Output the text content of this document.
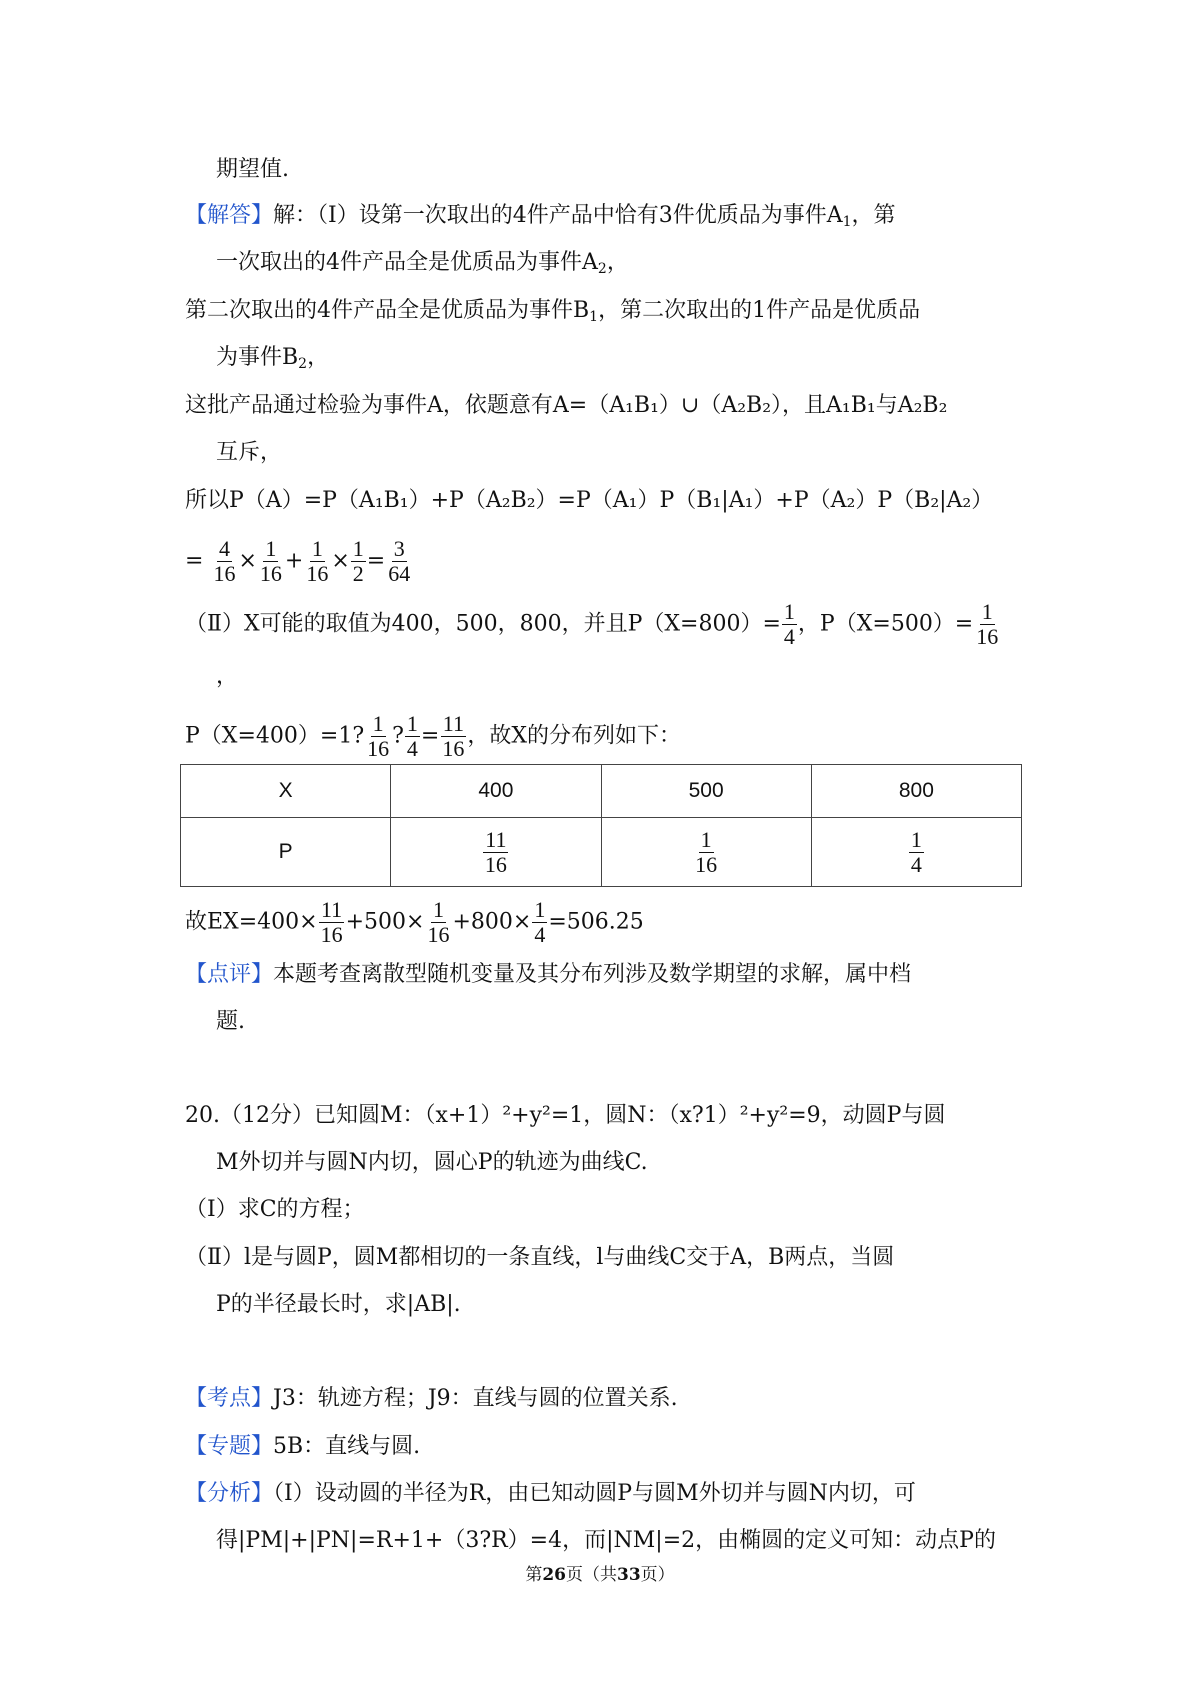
期望值.
【解答】解：（Ⅰ）设第一次取出的4件产品中恰有3件优质品为事件$A_1$，第
一次取出的4件产品全是优质品为事件$A_2$，
第二次取出的4件产品全是优质品为事件$B_1$，第二次取出的1件产品是优质品
为事件$B_2$，
这批产品通过检验为事件A，依题意有A=（A₁B₁）∪（A₂B₂），且A₁B₁与A₂B₂
互斥，
所以P（A）=P（A₁B₁）+P（A₂B₂）=P（A₁）P（B₁|A₁）+P（A₂）P（B₂|A₂）
= $\frac{4}{16} \times \frac{1}{16} + \frac{1}{16} \times \frac{1}{2} = \frac{3}{64}$
（Ⅱ）X可能的取值为400，500，800，并且$P(X=800)= \frac{1}{4}$ ，$P(X=500)= \frac{1}{16}$
，
P（X=400）=1? $\frac{1}{16}$ ? $\frac{1}{4} = \frac{11}{16}$ ，故X的分布列如下：
X	400	500	800
P	$\frac{11}{16}$	$\frac{1}{16}$	$\frac{1}{4}$
故$EX=400\times \frac{11}{16} +500\times \frac{1}{16} +800\times \frac{1}{4} =506.25$
【点评】本题考查离散型随机变量及其分布列涉及数学期望的求解，属中档
题.
20.（12分）已知圆M：（x+1）²+y²=1，圆N：（x?1）²+y²=9，动圆P与圆
M外切并与圆N内切，圆心P的轨迹为曲线C.
（Ⅰ）求C的方程；
（Ⅱ）l是与圆P，圆M都相切的一条直线，l与曲线C交于A，B两点，当圆
P的半径最长时，求|AB|.
【考点】J3：轨迹方程；J9：直线与圆的位置关系.
【专题】5B：直线与圆.
【分析】（I）设动圆的半径为R，由已知动圆P与圆M外切并与圆N内切，可
得|PM|+|PN|=R+1+（3?R）=4，而|NM|=2，由椭圆的定义可知：动点P的
第26页（共33页）
